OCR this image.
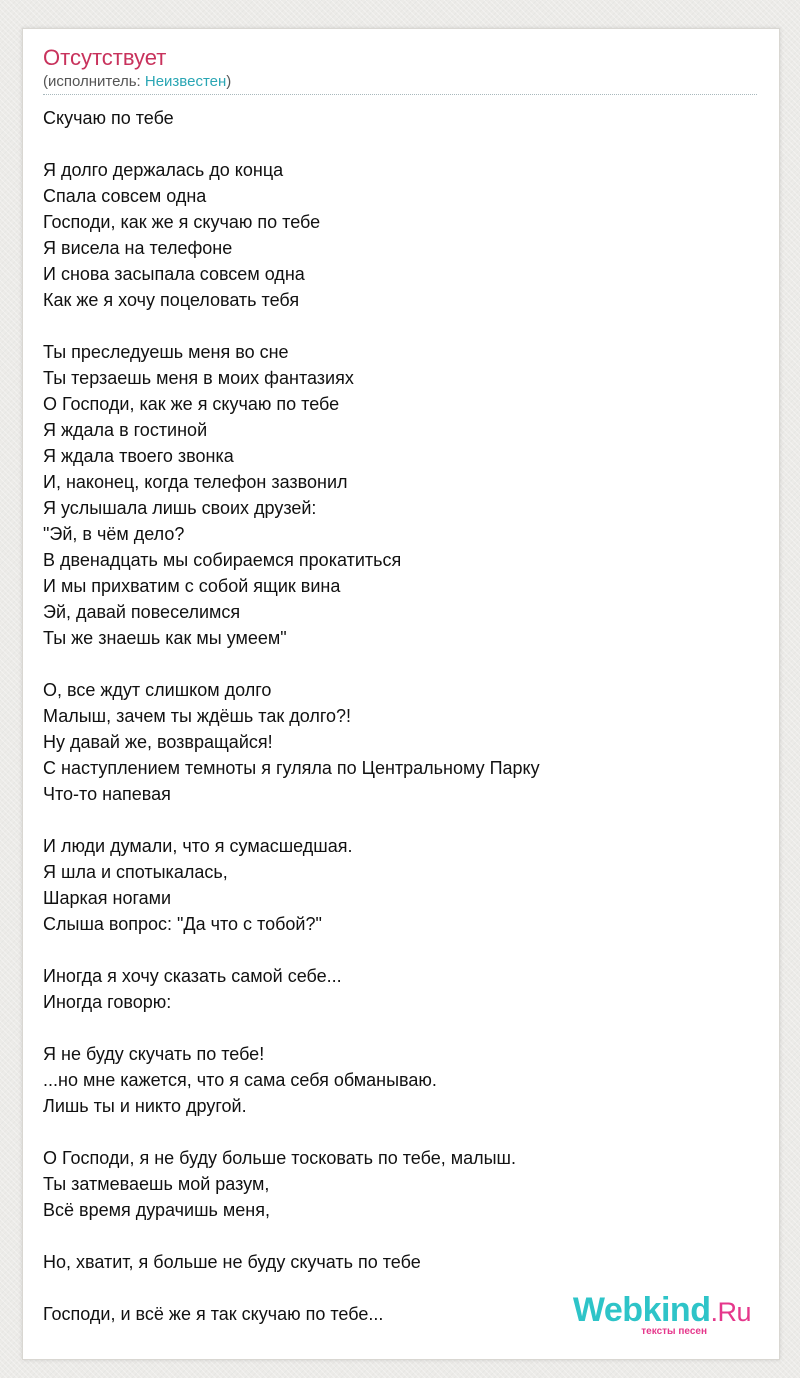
Отсутствует
(исполнитель: Неизвестен)
Скучаю по тебе
Я долго держалась до конца
Спала совсем одна
Господи, как же я скучаю по тебе
Я висела на телефоне
И снова засыпала совсем одна
Как же я хочу поцеловать тебя
Ты преследуешь меня во сне
Ты терзаешь меня в моих фантазиях
О Господи, как же я скучаю по тебе
Я ждала в гостиной
Я ждала твоего звонка
И, наконец, когда телефон зазвонил
Я услышала лишь своих друзей:
"Эй, в чём дело?
В двенадцать мы собираемся прокатиться
И мы прихватим с собой ящик вина
Эй, давай повеселимся
Ты же знаешь как мы умеем"
О, все ждут слишком долго
Малыш, зачем ты ждёшь так долго?!
Ну давай же, возвращайся!
С наступлением темноты я гуляла по Центральному Парку
Что-то напевая
И люди думали, что я сумасшедшая.
Я шла и спотыкалась,
Шаркая ногами
Слыша вопрос: "Да что с тобой?"
Иногда я хочу сказать самой себе...
Иногда говорю:
Я не буду скучать по тебе!
...но мне кажется, что я сама себя обманываю.
Лишь ты и никто другой.
О Господи, я не буду больше тосковать по тебе, малыш.
Ты затмеваешь мой разум,
Всё время дурачишь меня,
Но, хватит, я больше не буду скучать по тебе
Господи, и всё же я так скучаю по тебе...	Webkind.Ru
тексты песен
